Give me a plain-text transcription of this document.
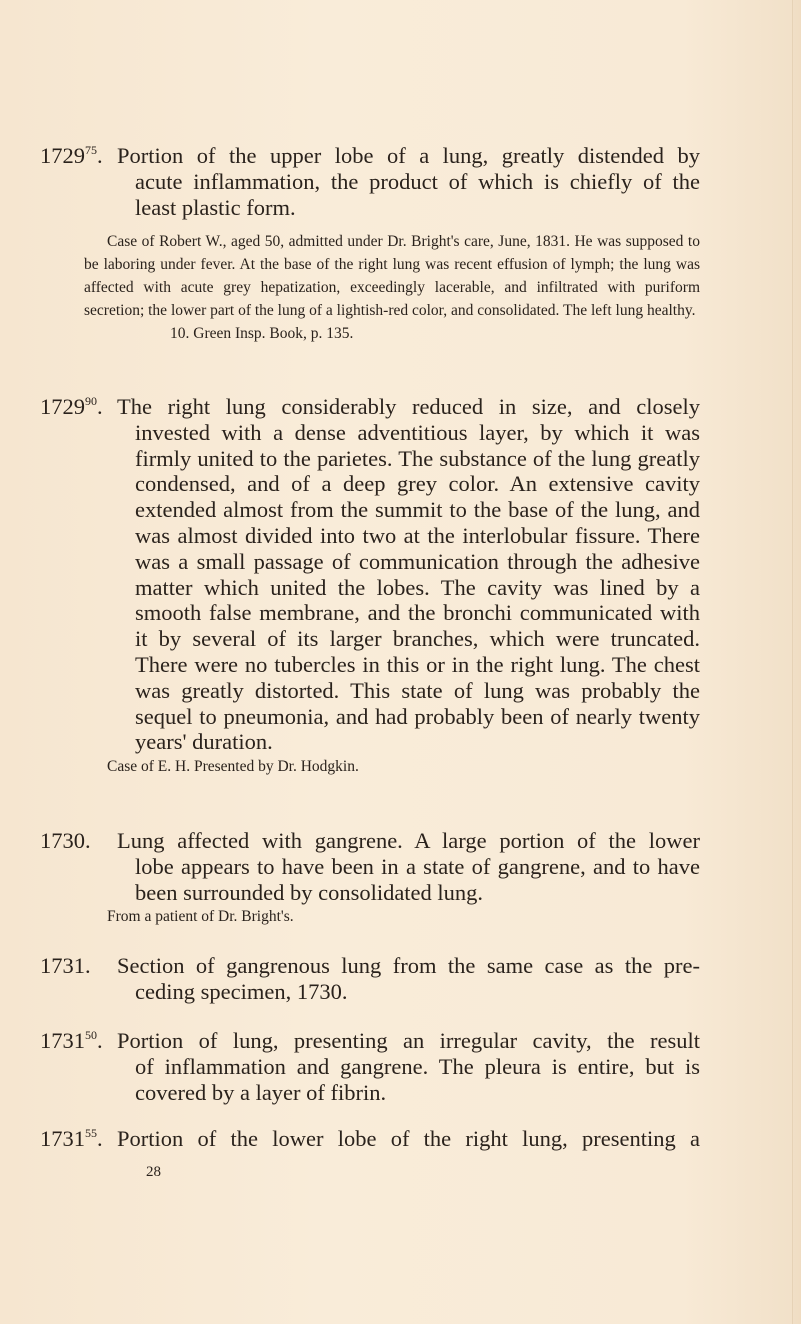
1729$^{75}$. Portion of the upper lobe of a lung, greatly distended by
acute inflammation, the product of which is chiefly of the least plastic form.
Case of Robert W., aged 50, admitted under Dr. Bright's care, June, 1831. He was supposed to be laboring under fever. At the base of the right lung was recent effusion of lymph; the lung was affected with acute grey hepatization, exceedingly lacerable, and infiltrated with puriform secretion; the lower part of the lung of a lightish-red color, and consolidated. The left lung healthy.
10. Green Insp. Book, p. 135.
1729$^{90}$. The right lung considerably reduced in size, and closely
invested with a dense adventitious layer, by which it was firmly united to the parietes. The substance of the lung greatly condensed, and of a deep grey color. An extensive cavity extended almost from the summit to the base of the lung, and was almost divided into two at the interlobular fissure. There was a small passage of communication through the adhesive matter which united the lobes. The cavity was lined by a smooth false membrane, and the bronchi communicated with it by several of its larger branches, which were truncated. There were no tubercles in this or in the right lung. The chest was greatly distorted. This state of lung was probably the sequel to pneumonia, and had probably been of nearly twenty years' duration.
Case of E. H. Presented by Dr. Hodgkin.
1730. Lung affected with gangrene. A large portion of the lower
lobe appears to have been in a state of gangrene, and to have been surrounded by consolidated lung.
From a patient of Dr. Bright's.
1731. Section of gangrenous lung from the same case as the pre-
ceding specimen, 1730.
1731$^{50}$. Portion of lung, presenting an irregular cavity, the result
of inflammation and gangrene. The pleura is entire, but is covered by a layer of fibrin.
1731$^{55}$. Portion of the lower lobe of the right lung, presenting a
28
